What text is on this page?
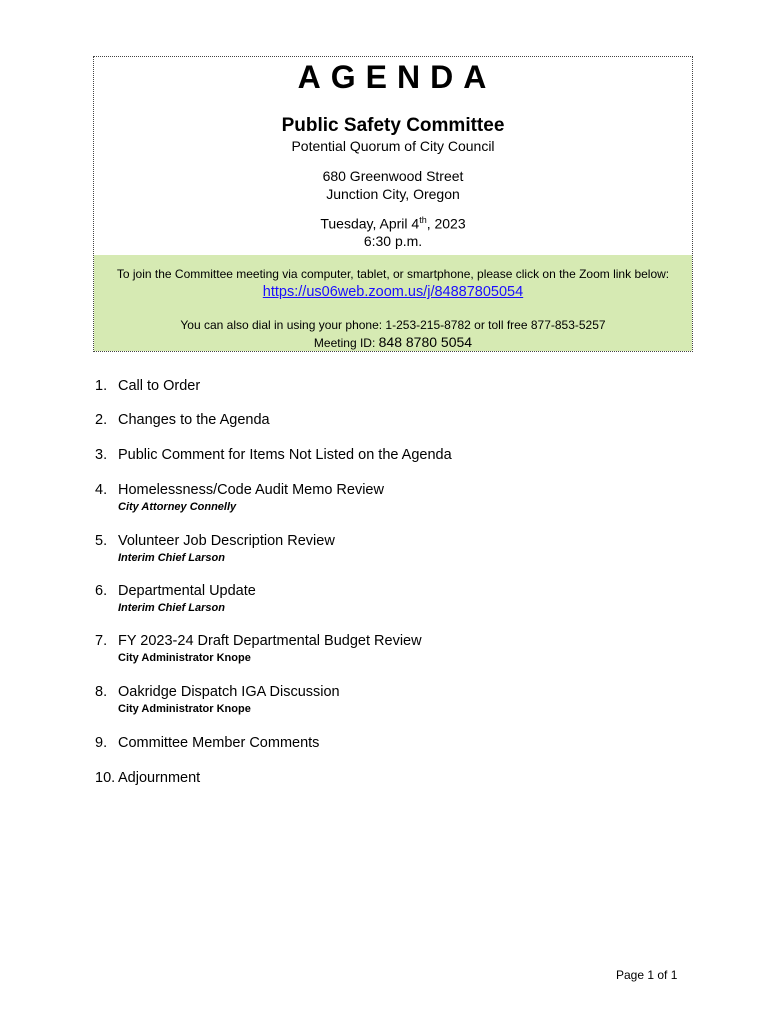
AGENDA
Public Safety Committee
Potential Quorum of City Council
680 Greenwood Street
Junction City, Oregon
Tuesday, April 4th, 2023
6:30 p.m.
To join the Committee meeting via computer, tablet, or smartphone, please click on the Zoom link below:
https://us06web.zoom.us/j/84887805054
You can also dial in using your phone: 1-253-215-8782 or toll free 877-853-5257
Meeting ID: 848 8780 5054
1. Call to Order
2. Changes to the Agenda
3. Public Comment for Items Not Listed on the Agenda
4. Homelessness/Code Audit Memo Review
City Attorney Connelly
5. Volunteer Job Description Review
Interim Chief Larson
6. Departmental Update
Interim Chief Larson
7. FY 2023-24 Draft Departmental Budget Review
City Administrator Knope
8. Oakridge Dispatch IGA Discussion
City Administrator Knope
9. Committee Member Comments
10. Adjournment
Page 1 of 1
